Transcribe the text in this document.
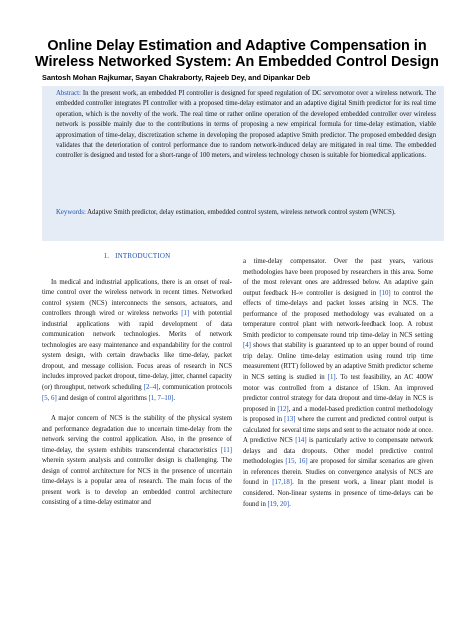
Online Delay Estimation and Adaptive Compensation in Wireless Networked System: An Embedded Control Design
Santosh Mohan Rajkumar, Sayan Chakraborty, Rajeeb Dey, and Dipankar Deb
Abstract: In the present work, an embedded PI controller is designed for speed regulation of DC servomotor over a wireless network. The embedded controller integrates PI controller with a proposed time-delay estimator and an adaptive digital Smith predictor for its real time operation, which is the novelty of the work. The real time or rather online operation of the developed embedded controller over wireless network is possible mainly due to the contributions in terms of proposing a new empirical formula for time-delay estimation, viable approximation of time-delay, discretization scheme in developing the proposed adaptive Smith predictor. The proposed embedded design validates that the deterioration of control performance due to random network-induced delay are mitigated in real time. The embedded controller is designed and tested for a short-range of 100 meters, and wireless technology chosen is suitable for biomedical applications.
Keywords: Adaptive Smith predictor, delay estimation, embedded control system, wireless network control system (WNCS).
1. INTRODUCTION

In medical and industrial applications, there is an onset of real-time control over the wireless network in recent times. Networked control system (NCS) interconnects the sensors, actuators, and controllers through wired or wireless networks [1] with potential industrial applications with rapid development of data communication network technologies. Merits of network technologies are easy maintenance and expandability for the control system design, with certain drawbacks like time-delay, packet dropout, and message collision. Focus areas of research in NCS includes improved packet dropout, time-delay, jitter, channel capacity (or) throughput, network scheduling [2–4], communication protocols [5, 6] and design of control algorithms [1, 7–10].

A major concern of NCS is the stability of the physical system and performance degradation due to uncertain time-delay from the network serving the control application. Also, in the presence of time-delay, the system exhibits transcendental characteristics [11] wherein system analysis and controller design is challenging. The design of control architecture for NCS in the presence of uncertain time-delays is a popular area of research. The main focus of the present work is to develop an embedded control architecture consisting of a time-delay estimator and

a time-delay compensator. Over the past years, various methodologies have been proposed by researchers in this area. Some of the most relevant ones are addressed below. An adaptive gain output feedback H-∞ controller is designed in [10] to control the effects of time-delays and packet losses arising in NCS. The performance of the proposed methodology was evaluated on a temperature control plant with network-feedback loop. A robust Smith predictor to compensate round trip time-delay in NCS setting [4] shows that stability is guaranteed up to an upper bound of round trip delay. Online time-delay estimation using round trip time measurement (RTT) followed by an adaptive Smith predictor scheme in NCS setting is studied in [1]. To test feasibility, an AC 400W motor was controlled from a distance of 15km. An improved predictor control strategy for data dropout and time-delay in NCS is proposed in [12], and a model-based prediction control methodology is proposed in [13] where the current and predicted control output is calculated for several time steps and sent to the actuator node at once. A predictive NCS [14] is particularly active to compensate network delays and data dropouts. Other model predictive control methodologies [15, 16] are proposed for similar scenarios are given in references therein. Studies on convergence analysis of NCS are found in [17,18]. In the present work, a linear plant model is considered. Non-linear systems in presence of time-delays can be found in [19, 20].
